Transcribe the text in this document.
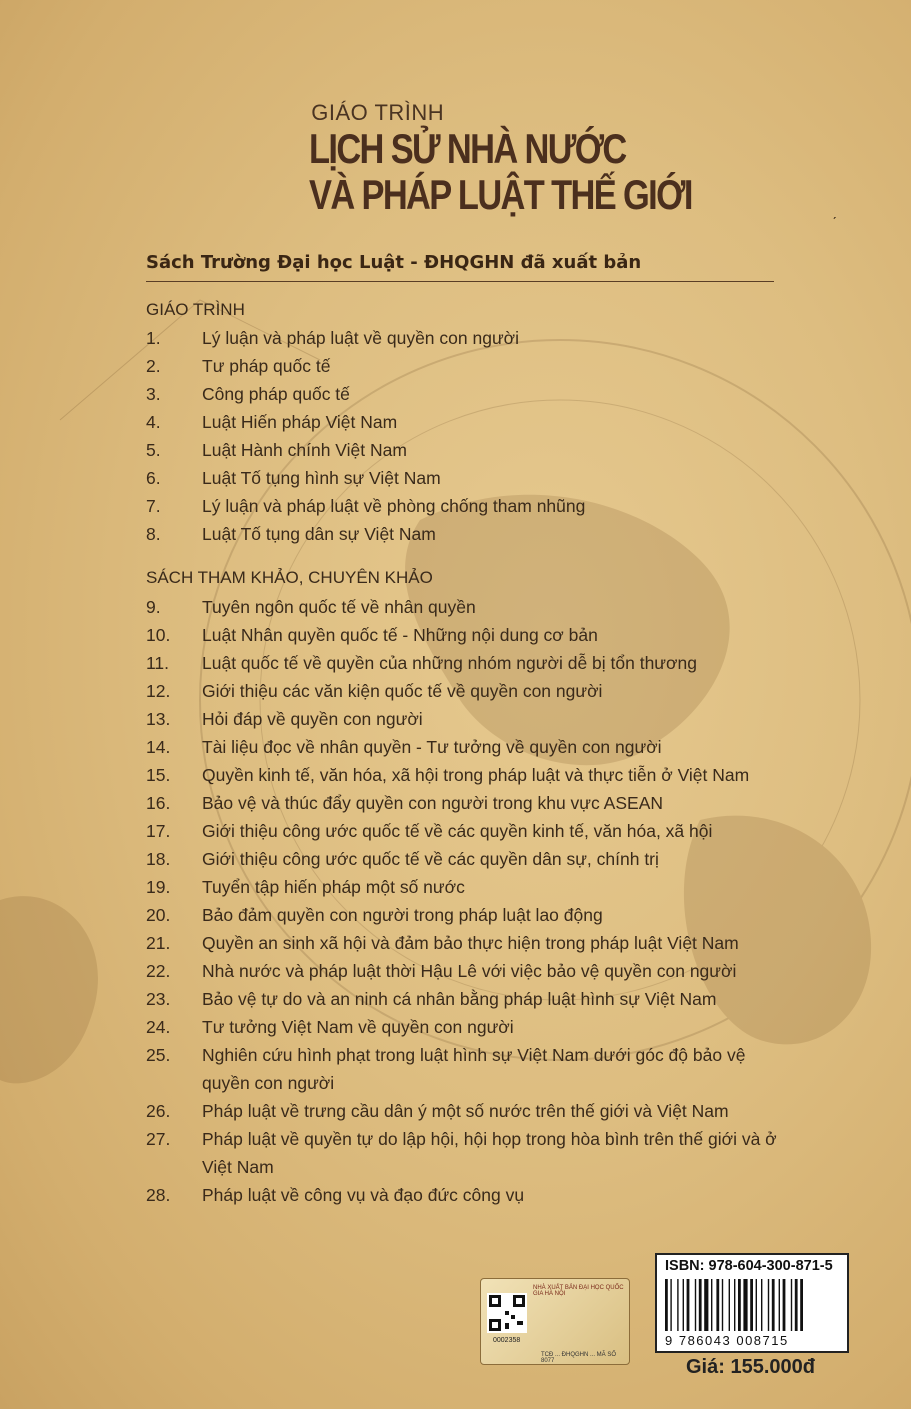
GIÁO TRÌNH
LỊCH SỬ NHÀ NƯỚC
VÀ PHÁP LUẬT THẾ GIỚI	ˏ
Sách Trường Đại học Luật - ĐHQGHN đã xuất bản
GIÁO TRÌNH
1.	Lý luận và pháp luật về quyền con người
2.	Tư pháp quốc tế
3.	Công pháp quốc tế
4.	Luật Hiến pháp Việt Nam
5.	Luật Hành chính Việt Nam
6.	Luật Tố tụng hình sự Việt Nam
7.	Lý luận và pháp luật về phòng chống tham nhũng
8.	Luật Tố tụng dân sự Việt Nam
SÁCH THAM KHẢO, CHUYÊN KHẢO
9.	Tuyên ngôn quốc tế về nhân quyền
10.	Luật Nhân quyền quốc tế - Những nội dung cơ bản
11.	Luật quốc tế về quyền của những nhóm người dễ bị tổn thương
12.	Giới thiệu các văn kiện quốc tế về quyền con người
13.	Hỏi đáp về quyền con người
14.	Tài liệu đọc về nhân quyền - Tư tưởng về quyền con người
15.	Quyền kinh tế, văn hóa, xã hội trong pháp luật và thực tiễn ở Việt Nam
16.	Bảo vệ và thúc đẩy quyền con người trong khu vực ASEAN
17.	Giới thiệu công ước quốc tế về các quyền kinh tế, văn hóa, xã hội
18.	Giới thiệu công ước quốc tế về các quyền dân sự, chính trị
19.	Tuyển tập hiến pháp một số nước
20.	Bảo đảm quyền con người trong pháp luật lao động
21.	Quyền an sinh xã hội và đảm bảo thực hiện trong pháp luật Việt Nam
22.	Nhà nước và pháp luật thời Hậu Lê với việc bảo vệ quyền con người
23.	Bảo vệ tự do và an ninh cá nhân bằng pháp luật hình sự Việt Nam
24.	Tư tưởng Việt Nam về quyền con người
25.	Nghiên cứu hình phạt trong luật hình sự Việt Nam dưới góc độ bảo vệ quyền con người
26.	Pháp luật về trưng cầu dân ý một số nước trên thế giới và Việt Nam
27.	Pháp luật về quyền tự do lập hội, hội họp trong hòa bình trên thế giới và ở Việt Nam
28.	Pháp luật về công vụ và đạo đức công vụ
NHÀ XUẤT BẢN ĐẠI HỌC QUỐC GIA HÀ NỘI
0002358
TCĐ ... ĐHQGHN ... MÃ SỐ 8077
ISBN: 978-604-300-871-5
9 786043 008715
Giá: 155.000đ
